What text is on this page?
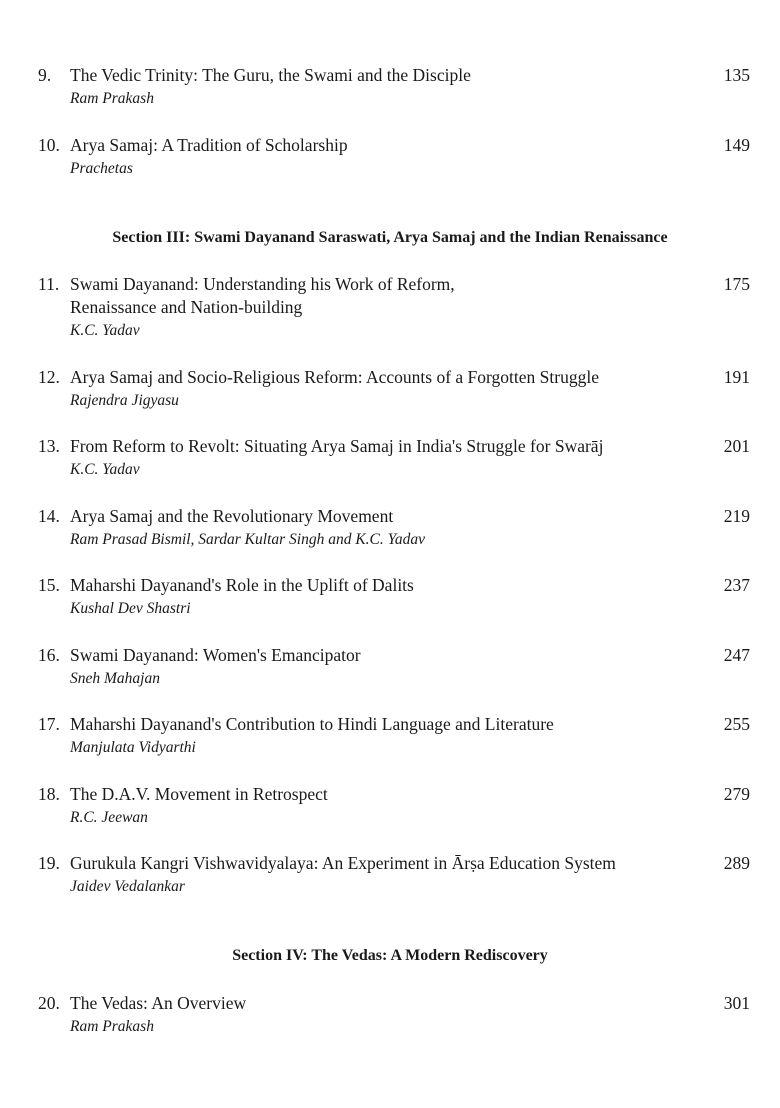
Section III: Swami Dayanand Saraswati, Arya Samaj and the Indian Renaissance
Section IV: The Vedas: A Modern Rediscovery
9.	The Vedic Trinity: The Guru, the Swami and the Disciple	135
Ram Prakash
10. Arya Samaj: A Tradition of Scholarship	149
Prachetas
11. Swami Dayanand: Understanding his Work of Reform,	175
Renaissance and Nation-building
K.C. Yadav
12. Arya Samaj and Socio-Religious Reform: Accounts of a Forgotten Struggle	191
Rajendra Jigyasu
13. From Reform to Revolt: Situating Arya Samaj in India's Struggle for Swarāj	201
K.C. Yadav
14. Arya Samaj and the Revolutionary Movement	219
Ram Prasad Bismil, Sardar Kultar Singh and K.C. Yadav
15. Maharshi Dayanand's Role in the Uplift of Dalits	237
Kushal Dev Shastri
16. Swami Dayanand: Women's Emancipator	247
Sneh Mahajan
17. Maharshi Dayanand's Contribution to Hindi Language and Literature	255
Manjulata Vidyarthi
18. The D.A.V. Movement in Retrospect	279
R.C. Jeewan
19. Gurukula Kangri Vishwavidyalaya: An Experiment in Ārṣa Education System	289
Jaidev Vedalankar
20. The Vedas: An Overview	301
Ram Prakash
